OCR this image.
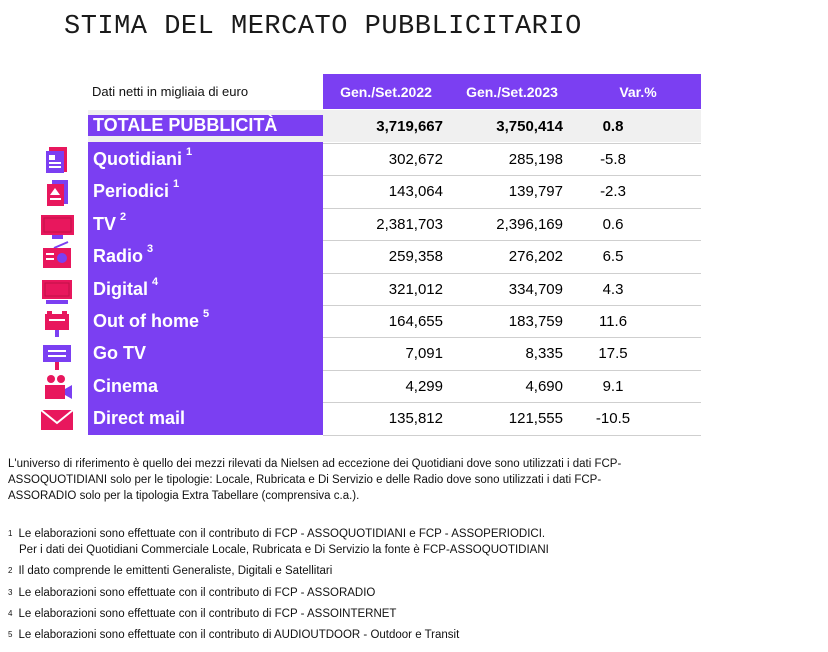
STIMA DEL MERCATO PUBBLICITARIO
Dati netti in migliaia di euro	Gen./Set.2022	Gen./Set.2023	Var.%
TOTALE PUBBLICITÀ	3,719,667	3,750,414	0.8
Quotidiani $^1$	302,672	285,198	-5.8
Periodici $^1$	143,064	139,797	-2.3
TV $^2$	2,381,703	2,396,169	0.6
Radio $^3$	259,358	276,202	6.5
Digital $^4$	321,012	334,709	4.3
Out of home $^5$	164,655	183,759	11.6
Go TV	7,091	8,335	17.5
Cinema	4,299	4,690	9.1
Direct mail	135,812	121,555	-10.5
L'universo di riferimento è quello dei mezzi rilevati da Nielsen ad eccezione dei Quotidiani dove sono utilizzati i dati FCP-
ASSOQUOTIDIANI solo per le tipologie: Locale, Rubricata e Di Servizio e delle Radio dove sono utilizzati i dati FCP-
ASSORADIO solo per la tipologia Extra Tabellare (comprensiva c.a.).
$^1$ Le elaborazioni sono effettuate con il contributo di FCP - ASSOQUOTIDIANI e FCP - ASSOPERIODICI.
Per i dati dei Quotidiani Commerciale Locale, Rubricata e Di Servizio la fonte è FCP-ASSOQUOTIDIANI
$^2$ Il dato comprende le emittenti Generaliste, Digitali e Satellitari
$^3$ Le elaborazioni sono effettuate con il contributo di FCP - ASSORADIO
$^4$ Le elaborazioni sono effettuate con il contributo di FCP - ASSOINTERNET
$^5$ Le elaborazioni sono effettuate con il contributo di AUDIOUTDOOR - Outdoor e Transit
